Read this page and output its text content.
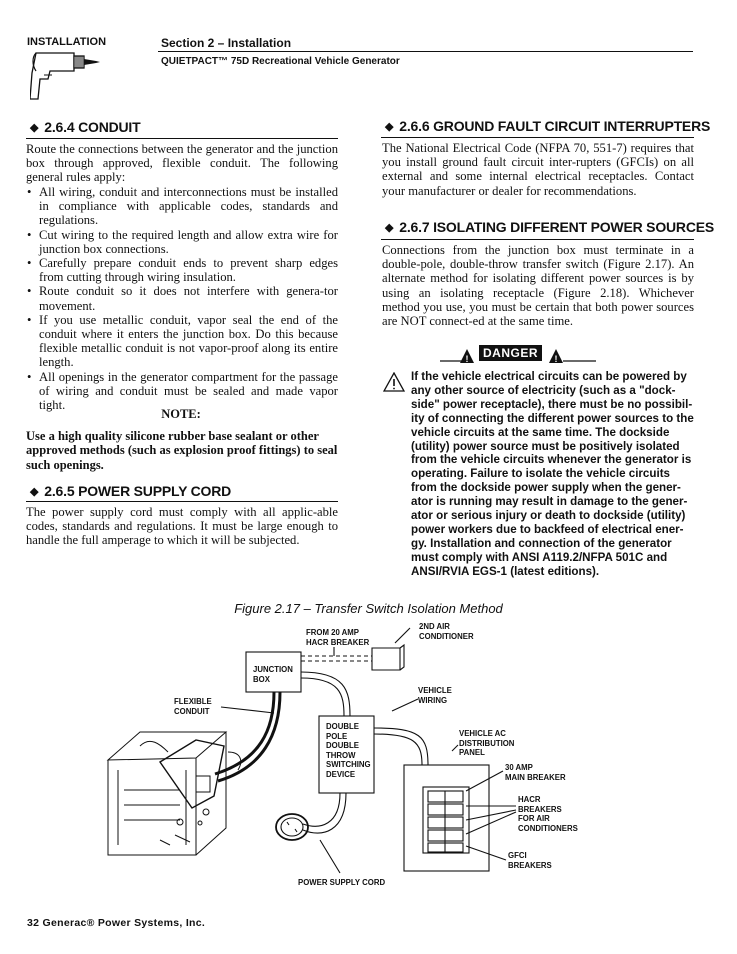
INSTALLATION	Section 2 – Installation
QUIETPACT™ 75D Recreational Vehicle Generator
◆ 2.6.4 CONDUIT
Route the connections between the generator and the junction box through approved, flexible conduit. The following general rules apply:
• All wiring, conduit and interconnections must be installed in compliance with applicable codes, standards and regulations.
• Cut wiring to the required length and allow extra wire for junction box connections.
• Carefully prepare conduit ends to prevent sharp edges from cutting through wiring insulation.
• Route conduit so it does not interfere with genera-tor movement.
• If you use metallic conduit, vapor seal the end of the conduit where it enters the junction box. Do this because flexible metallic conduit is not vapor-proof along its entire length.
• All openings in the generator compartment for the passage of wiring and conduit must be sealed and made vapor tight.
NOTE:
Use a high quality silicone rubber base sealant or other approved methods (such as explosion proof fittings) to seal such openings.
◆ 2.6.5 POWER SUPPLY CORD
The power supply cord must comply with all applic-able codes, standards and regulations. It must be large enough to handle the full amperage to which it will be subjected.
◆ 2.6.6 GROUND FAULT CIRCUIT INTERRUPTERS
The National Electrical Code (NFPA 70, 551-7) requires that you install ground fault circuit inter-rupters (GFCIs) on all external and some internal electrical receptacles. Contact your manufacturer or dealer for recommendations.
◆ 2.6.7 ISOLATING DIFFERENT POWER SOURCES
Connections from the junction box must terminate in a double-pole, double-throw transfer switch (Figure 2.17). An alternate method for isolating different power sources is by using an isolating receptacle (Figure 2.18). Whichever method you use, you must be certain that both power sources are NOT connect-ed at the same time.
!	DANGER	!
If the vehicle electrical circuits can be powered by any other source of electricity (such as a "dock-side" power receptacle), there must be no possibil-ity of connecting the different power sources to the vehicle circuits at the same time. The dockside (utility) power source must be positively isolated from the vehicle circuits whenever the generator is operating. Failure to isolate the vehicle circuits from the dockside power supply when the gener-ator is running may result in damage to the gener-ator or serious injury or death to dockside (utility) power workers due to backfeed of electrical ener-gy. Installation and connection of the generator must comply with ANSI A119.2/NFPA 501C and ANSI/RVIA EGS-1 (latest editions).
Figure 2.17 – Transfer Switch Isolation Method
FROM 20 AMP
HACR BREAKER
2ND AIR
CONDITIONER
JUNCTION
BOX
FLEXIBLE
CONDUIT
VEHICLE
WIRING
DOUBLE
POLE
DOUBLE
THROW
SWITCHING
DEVICE
VEHICLE AC
DISTRIBUTION
PANEL
30 AMP
MAIN BREAKER
HACR
BREAKERS
FOR AIR
CONDITIONERS
GFCI
BREAKERS
POWER SUPPLY CORD
32 Generac® Power Systems, Inc.
